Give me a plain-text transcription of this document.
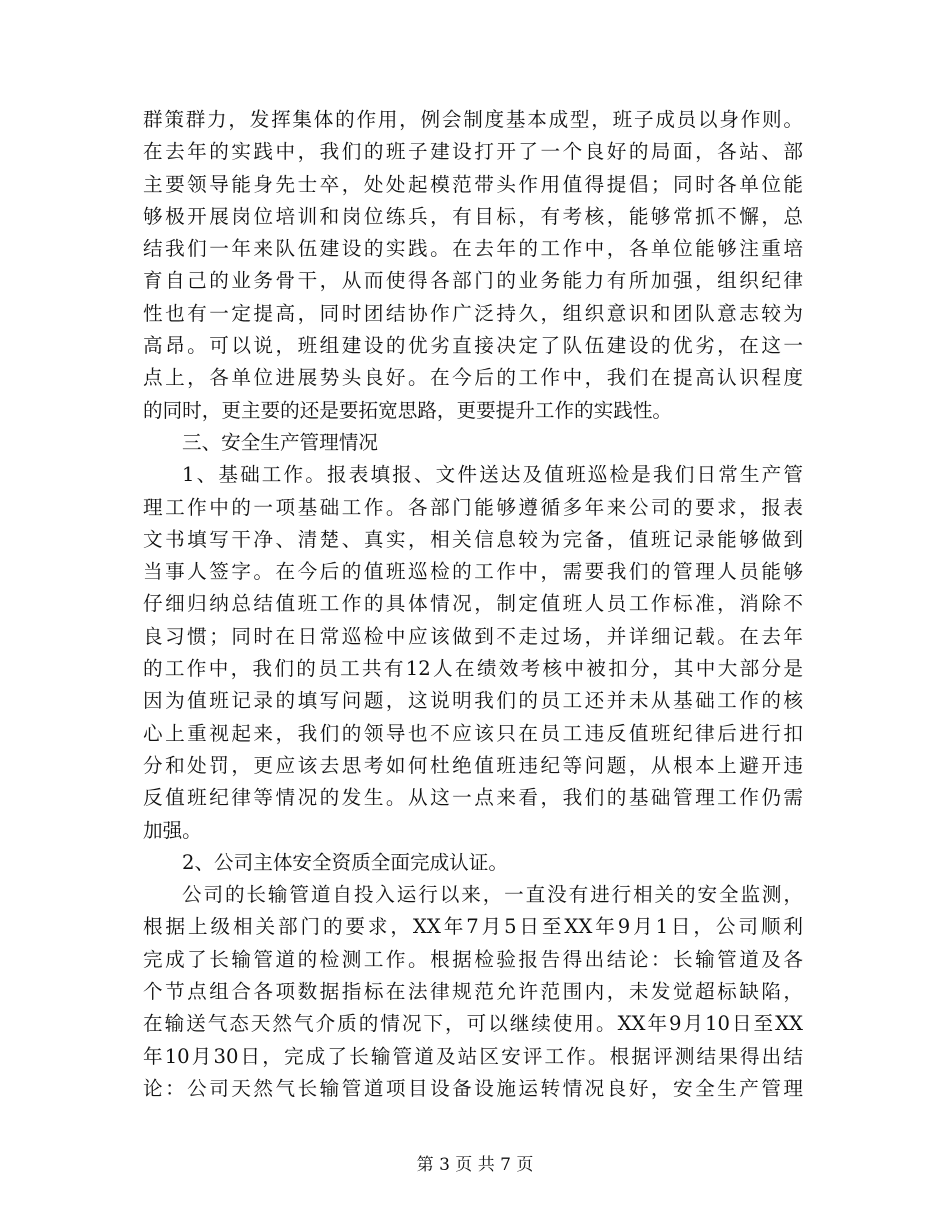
群策群力，发挥集体的作用，例会制度基本成型，班子成员以身作则。
在去年的实践中，我们的班子建设打开了一个良好的局面，各站、部
主要领导能身先士卒，处处起模范带头作用值得提倡；同时各单位能
够极开展岗位培训和岗位练兵，有目标，有考核，能够常抓不懈，总
结我们一年来队伍建设的实践。在去年的工作中，各单位能够注重培
育自己的业务骨干，从而使得各部门的业务能力有所加强，组织纪律
性也有一定提高，同时团结协作广泛持久，组织意识和团队意志较为
高昂。可以说，班组建设的优劣直接决定了队伍建设的优劣，在这一
点上，各单位进展势头良好。在今后的工作中，我们在提高认识程度
的同时，更主要的还是要拓宽思路，更要提升工作的实践性。
三、安全生产管理情况
1、基础工作。报表填报、文件送达及值班巡检是我们日常生产管
理工作中的一项基础工作。各部门能够遵循多年来公司的要求，报表
文书填写干净、清楚、真实，相关信息较为完备，值班记录能够做到
当事人签字。在今后的值班巡检的工作中，需要我们的管理人员能够
仔细归纳总结值班工作的具体情况，制定值班人员工作标准，消除不
良习惯；同时在日常巡检中应该做到不走过场，并详细记载。在去年
的工作中，我们的员工共有12人在绩效考核中被扣分，其中大部分是
因为值班记录的填写问题，这说明我们的员工还并未从基础工作的核
心上重视起来，我们的领导也不应该只在员工违反值班纪律后进行扣
分和处罚，更应该去思考如何杜绝值班违纪等问题，从根本上避开违
反值班纪律等情况的发生。从这一点来看，我们的基础管理工作仍需
加强。
2、公司主体安全资质全面完成认证。
公司的长输管道自投入运行以来，一直没有进行相关的安全监测，
根据上级相关部门的要求，XX年7月5日至XX年9月1日，公司顺利
完成了长输管道的检测工作。根据检验报告得出结论：长输管道及各
个节点组合各项数据指标在法律规范允许范围内，未发觉超标缺陷，
在输送气态天然气介质的情况下，可以继续使用。XX年9月10日至XX
年10月30日，完成了长输管道及站区安评工作。根据评测结果得出结
论：公司天然气长输管道项目设备设施运转情况良好，安全生产管理
第 3 页 共 7 页
